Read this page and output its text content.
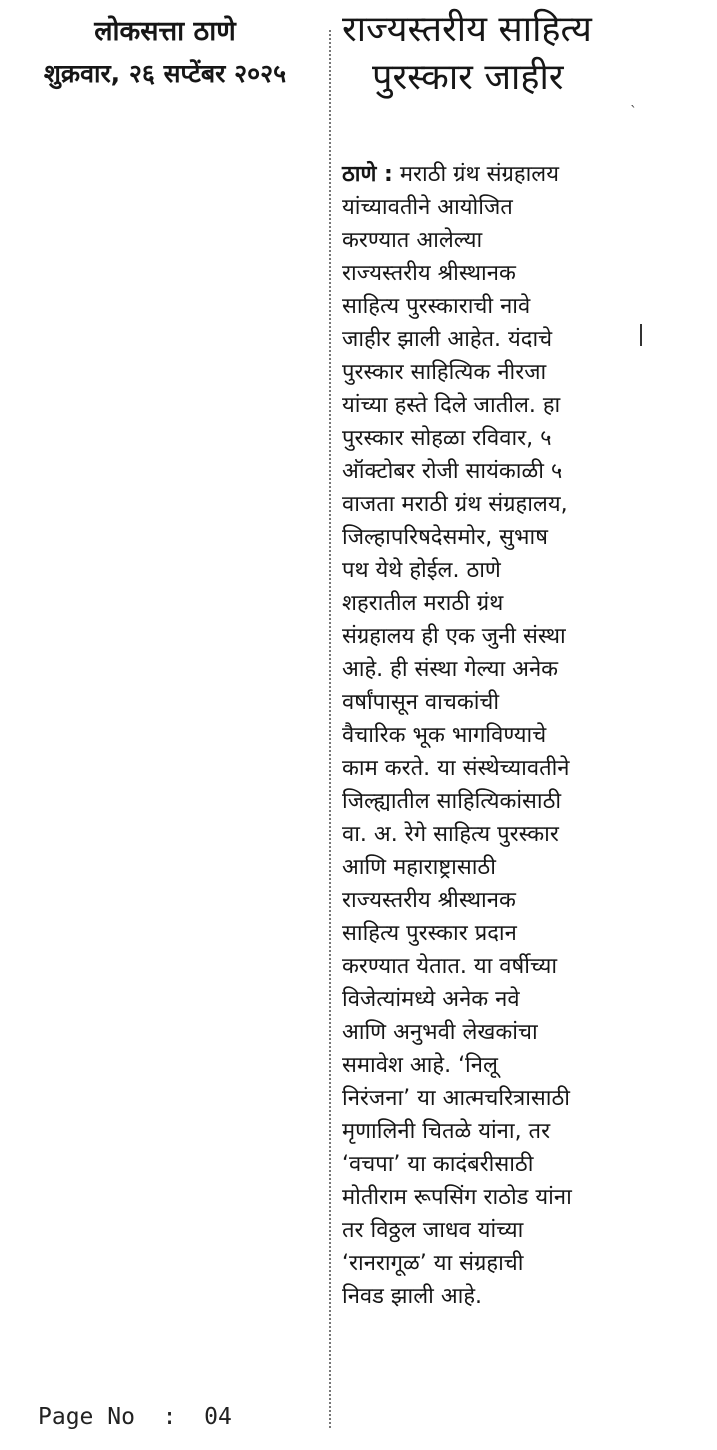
लोकसत्ता ठाणे
शुक्रवार, २६ सप्टेंबर २०२५
राज्यस्तरीय साहित्य
पुरस्कार जाहीर
ˎ
ठाणे : मराठी ग्रंथ संग्रहालय
यांच्यावतीने आयोजित
करण्यात आलेल्या
राज्यस्तरीय श्रीस्थानक
साहित्य पुरस्काराची नावे
जाहीर झाली आहेत. यंदाचे
पुरस्कार साहित्यिक नीरजा
यांच्या हस्ते दिले जातील. हा
पुरस्कार सोहळा रविवार, ५
ऑक्टोबर रोजी सायंकाळी ५
वाजता मराठी ग्रंथ संग्रहालय,
जिल्हापरिषदेसमोर, सुभाष
पथ येथे होईल. ठाणे
शहरातील मराठी ग्रंथ
संग्रहालय ही एक जुनी संस्था
आहे. ही संस्था गेल्या अनेक
वर्षांपासून वाचकांची
वैचारिक भूक भागविण्याचे
काम करते. या संस्थेच्यावतीने
जिल्ह्यातील साहित्यिकांसाठी
वा. अ. रेगे साहित्य पुरस्कार
आणि महाराष्ट्रासाठी
राज्यस्तरीय श्रीस्थानक
साहित्य पुरस्कार प्रदान
करण्यात येतात. या वर्षीच्या
विजेत्यांमध्ये अनेक नवे
आणि अनुभवी लेखकांचा
समावेश आहे. ‘निलू
निरंजना’ या आत्मचरित्रासाठी
मृणालिनी चितळे यांना, तर
‘वचपा’ या कादंबरीसाठी
मोतीराम रूपसिंग राठोड यांना
तर विठ्ठल जाधव यांच्या
‘रानरागूळ’ या संग्रहाची
निवड झाली आहे.
Page No  :  04
